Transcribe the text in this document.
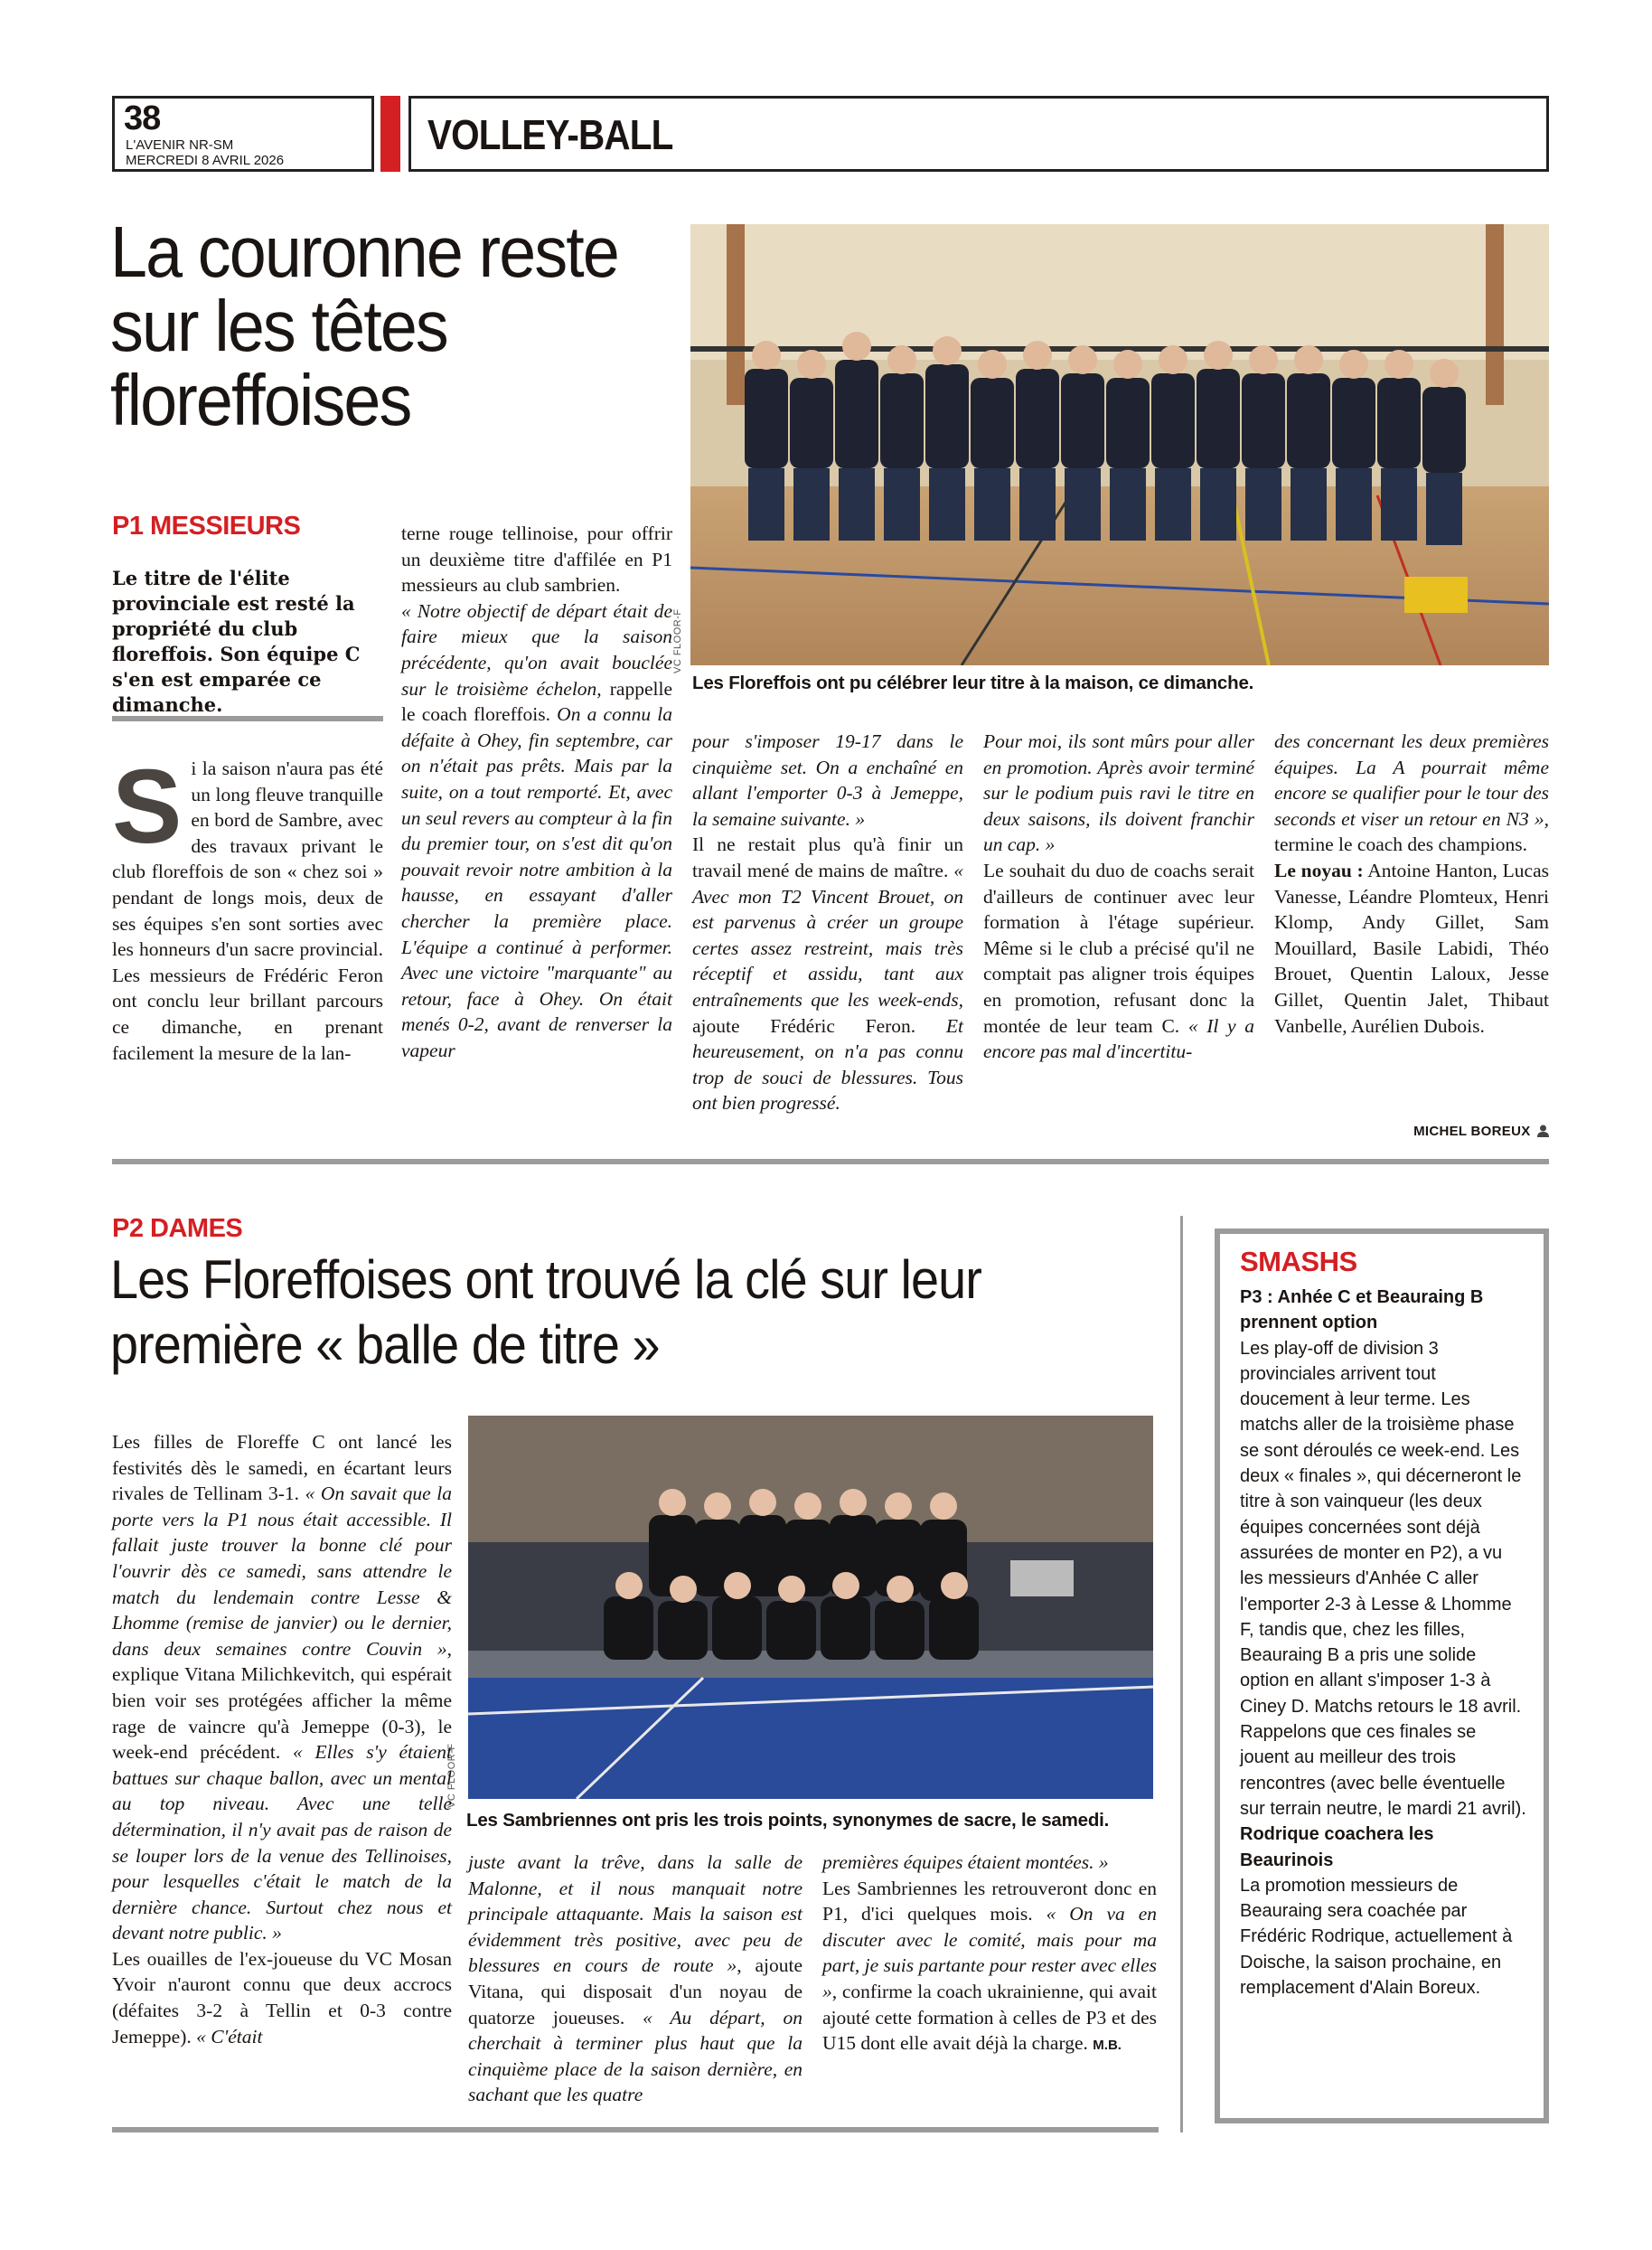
38
L'AVENIR NR-SM
MERCREDI 8 AVRIL 2026
VOLLEY-BALL
La couronne reste sur les têtes floreffoises
P1 MESSIEURS
Le titre de l'élite provinciale est resté la propriété du club floreffois. Son équipe C s'en est emparée ce dimanche.
VC FLOOR-F
Les Floreffois ont pu célébrer leur titre à la maison, ce dimanche.
Si la saison n'aura pas été un long fleuve tranquille en bord de Sambre, avec des travaux privant le club floreffois de son « chez soi » pendant de longs mois, deux de ses équipes s'en sont sorties avec les honneurs d'un sacre provincial. Les messieurs de Frédéric Feron ont conclu leur brillant parcours ce dimanche, en prenant facilement la mesure de la lan-

terne rouge tellinoise, pour offrir un deuxième titre d'affilée en P1 messieurs au club sambrien.

« Notre objectif de départ était de faire mieux que la saison précédente, qu'on avait bouclée sur le troisième échelon, rappelle le coach floreffois. On a connu la défaite à Ohey, fin septembre, car on n'était pas prêts. Mais par la suite, on a tout remporté. Et, avec un seul revers au compteur à la fin du premier tour, on s'est dit qu'on pouvait revoir notre ambition à la hausse, en essayant d'aller chercher la première place. L'équipe a continué à performer. Avec une victoire "marquante" au retour, face à Ohey. On était menés 0-2, avant de renverser la vapeur

pour s'imposer 19-17 dans le cinquième set. On a enchaîné en allant l'emporter 0-3 à Jemeppe, la semaine suivante. »

Il ne restait plus qu'à finir un travail mené de mains de maître. « Avec mon T2 Vincent Brouet, on est parvenus à créer un groupe certes assez restreint, mais très réceptif et assidu, tant aux entraînements que les week-ends, ajoute Frédéric Feron. Et heureusement, on n'a pas connu trop de souci de blessures. Tous ont bien progressé.

Pour moi, ils sont mûrs pour aller en promotion. Après avoir terminé sur le podium puis ravi le titre en deux saisons, ils doivent franchir un cap. »

Le souhait du duo de coachs serait d'ailleurs de continuer avec leur formation à l'étage supérieur. Même si le club a précisé qu'il ne comptait pas aligner trois équipes en promotion, refusant donc la montée de leur team C. « Il y a encore pas mal d'incertitu-

des concernant les deux premières équipes. La A pourrait même encore se qualifier pour le tour des seconds et viser un retour en N3 », termine le coach des champions.

Le noyau : Antoine Hanton, Lucas Vanesse, Léandre Plomteux, Henri Klomp, Andy Gillet, Sam Mouillard, Basile Labidi, Théo Brouet, Quentin Laloux, Jesse Gillet, Quentin Jalet, Thibaut Vanbelle, Aurélien Dubois.

MICHEL BOREUX
P2 DAMES
Les Floreffoises ont trouvé la clé sur leur première « balle de titre »
VC FLOOR-F
Les Sambriennes ont pris les trois points, synonymes de sacre, le samedi.

Les filles de Floreffe C ont lancé les festivités dès le samedi, en écartant leurs rivales de Tellinam 3-1. « On savait que la porte vers la P1 nous était accessible. Il fallait juste trouver la bonne clé pour l'ouvrir dès ce samedi, sans attendre le match du lendemain contre Lesse & Lhomme (remise de janvier) ou le dernier, dans deux semaines contre Couvin », explique Vitana Milichkevitch, qui espérait bien voir ses protégées afficher la même rage de vaincre qu'à Jemeppe (0-3), le week-end précédent. « Elles s'y étaient battues sur chaque ballon, avec un mental au top niveau. Avec une telle détermination, il n'y avait pas de raison de se louper lors de la venue des Tellinoises, pour lesquelles c'était le match de la dernière chance. Surtout chez nous et devant notre public. »

Les ouailles de l'ex-joueuse du VC Mosan Yvoir n'auront connu que deux accrocs (défaites 3-2 à Tellin et 0-3 contre Jemeppe). « C'était

juste avant la trêve, dans la salle de Malonne, et il nous manquait notre principale attaquante. Mais la saison est évidemment très positive, avec peu de blessures en cours de route », ajoute Vitana, qui disposait d'un noyau de quatorze joueuses. « Au départ, on cherchait à terminer plus haut que la cinquième place de la saison dernière, en sachant que les quatre

premières équipes étaient montées. »

Les Sambriennes les retrouveront donc en P1, d'ici quelques mois. « On va en discuter avec le comité, mais pour ma part, je suis partante pour rester avec elles », confirme la coach ukrainienne, qui avait ajouté cette formation à celles de P3 et des U15 dont elle avait déjà la charge. M.B.

SMASHS
P3 : Anhée C et Beauraing B prennent option
Les play-off de division 3 provinciales arrivent tout doucement à leur terme. Les matchs aller de la troisième phase se sont déroulés ce week-end. Les deux « finales », qui décerneront le titre à son vainqueur (les deux équipes concernées sont déjà assurées de monter en P2), a vu les messieurs d'Anhée C aller l'emporter 2-3 à Lesse & Lhomme F, tandis que, chez les filles, Beauraing B a pris une solide option en allant s'imposer 1-3 à Ciney D. Matchs retours le 18 avril. Rappelons que ces finales se jouent au meilleur des trois rencontres (avec belle éventuelle sur terrain neutre, le mardi 21 avril).
Rodrique coachera les Beaurinois
La promotion messieurs de Beauraing sera coachée par Frédéric Rodrique, actuellement à Doische, la saison prochaine, en remplacement d'Alain Boreux.
